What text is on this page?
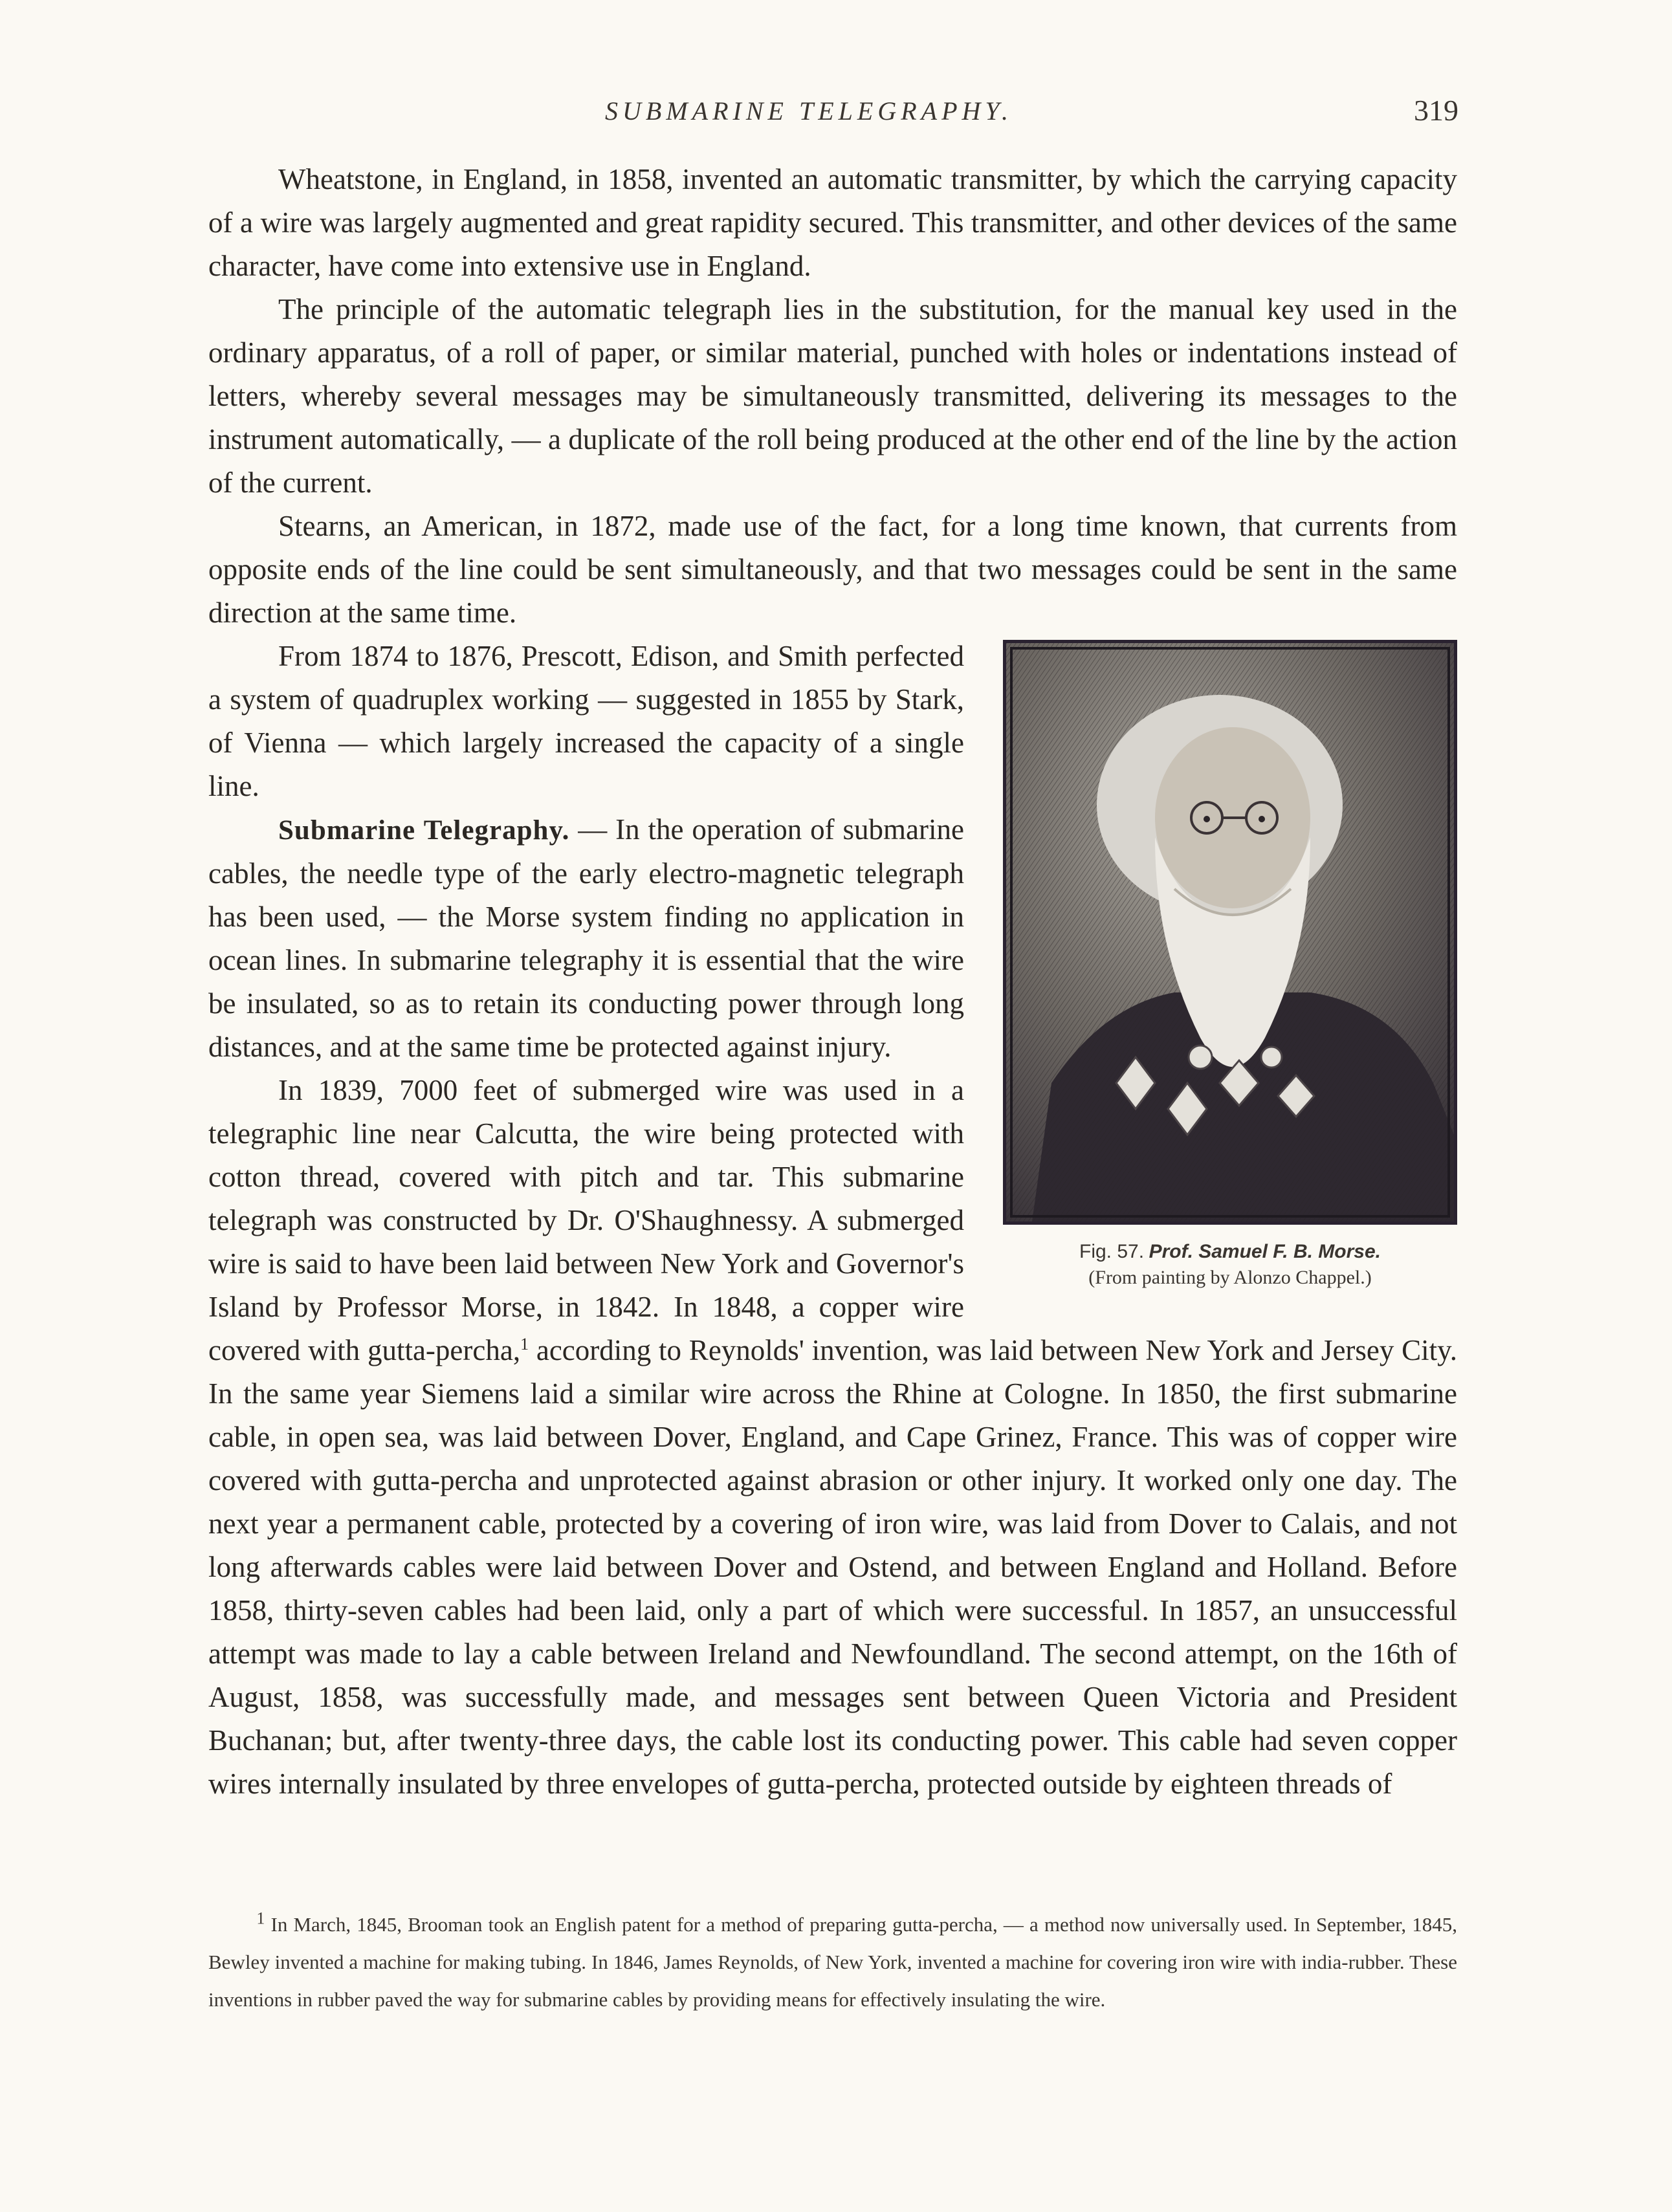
SUBMARINE TELEGRAPHY.	319

Wheatstone, in England, in 1858, invented an automatic transmitter, by which the carrying capacity of a wire was largely augmented and great rapidity secured. This transmitter, and other devices of the same character, have come into extensive use in England.

The principle of the automatic telegraph lies in the substitution, for the manual key used in the ordinary apparatus, of a roll of paper, or similar material, punched with holes or indentations instead of letters, whereby several messages may be simultaneously transmitted, delivering its messages to the instrument automatically, — a duplicate of the roll being produced at the other end of the line by the action of the current.

Stearns, an American, in 1872, made use of the fact, for a long time known, that currents from opposite ends of the line could be sent simultaneously, and that two messages could be sent in the same direction at the same time.

Fig. 57. Prof. Samuel F. B. Morse.
(From painting by Alonzo Chappel.)

From 1874 to 1876, Prescott, Edison, and Smith perfected a system of quadruplex working — suggested in 1855 by Stark, of Vienna — which largely increased the capacity of a single line.

Submarine Telegraphy. — In the operation of submarine cables, the needle type of the early electro-magnetic telegraph has been used, — the Morse system finding no application in ocean lines. In submarine telegraphy it is essential that the wire be insulated, so as to retain its conducting power through long distances, and at the same time be protected against injury.

In 1839, 7000 feet of submerged wire was used in a telegraphic line near Calcutta, the wire being protected with cotton thread, covered with pitch and tar. This submarine telegraph was constructed by Dr. O'Shaughnessy. A submerged wire is said to have been laid between New York and Governor's Island by Professor Morse, in 1842. In 1848, a copper wire covered with gutta-percha,$^1$ according to Reynolds' invention, was laid between New York and Jersey City. In the same year Siemens laid a similar wire across the Rhine at Cologne. In 1850, the first submarine cable, in open sea, was laid between Dover, England, and Cape Grinez, France. This was of copper wire covered with gutta-percha and unprotected against abrasion or other injury. It worked only one day. The next year a permanent cable, protected by a covering of iron wire, was laid from Dover to Calais, and not long afterwards cables were laid between Dover and Ostend, and between England and Holland. Before 1858, thirty-seven cables had been laid, only a part of which were successful. In 1857, an unsuccessful attempt was made to lay a cable between Ireland and Newfoundland. The second attempt, on the 16th of August, 1858, was successfully made, and messages sent between Queen Victoria and President Buchanan; but, after twenty-three days, the cable lost its conducting power. This cable had seven copper wires internally insulated by three envelopes of gutta-percha, protected outside by eighteen threads of

$^1$ In March, 1845, Brooman took an English patent for a method of preparing gutta-percha, — a method now universally used. In September, 1845, Bewley invented a machine for making tubing. In 1846, James Reynolds, of New York, invented a machine for covering iron wire with india-rubber. These inventions in rubber paved the way for submarine cables by providing means for effectively insulating the wire.
